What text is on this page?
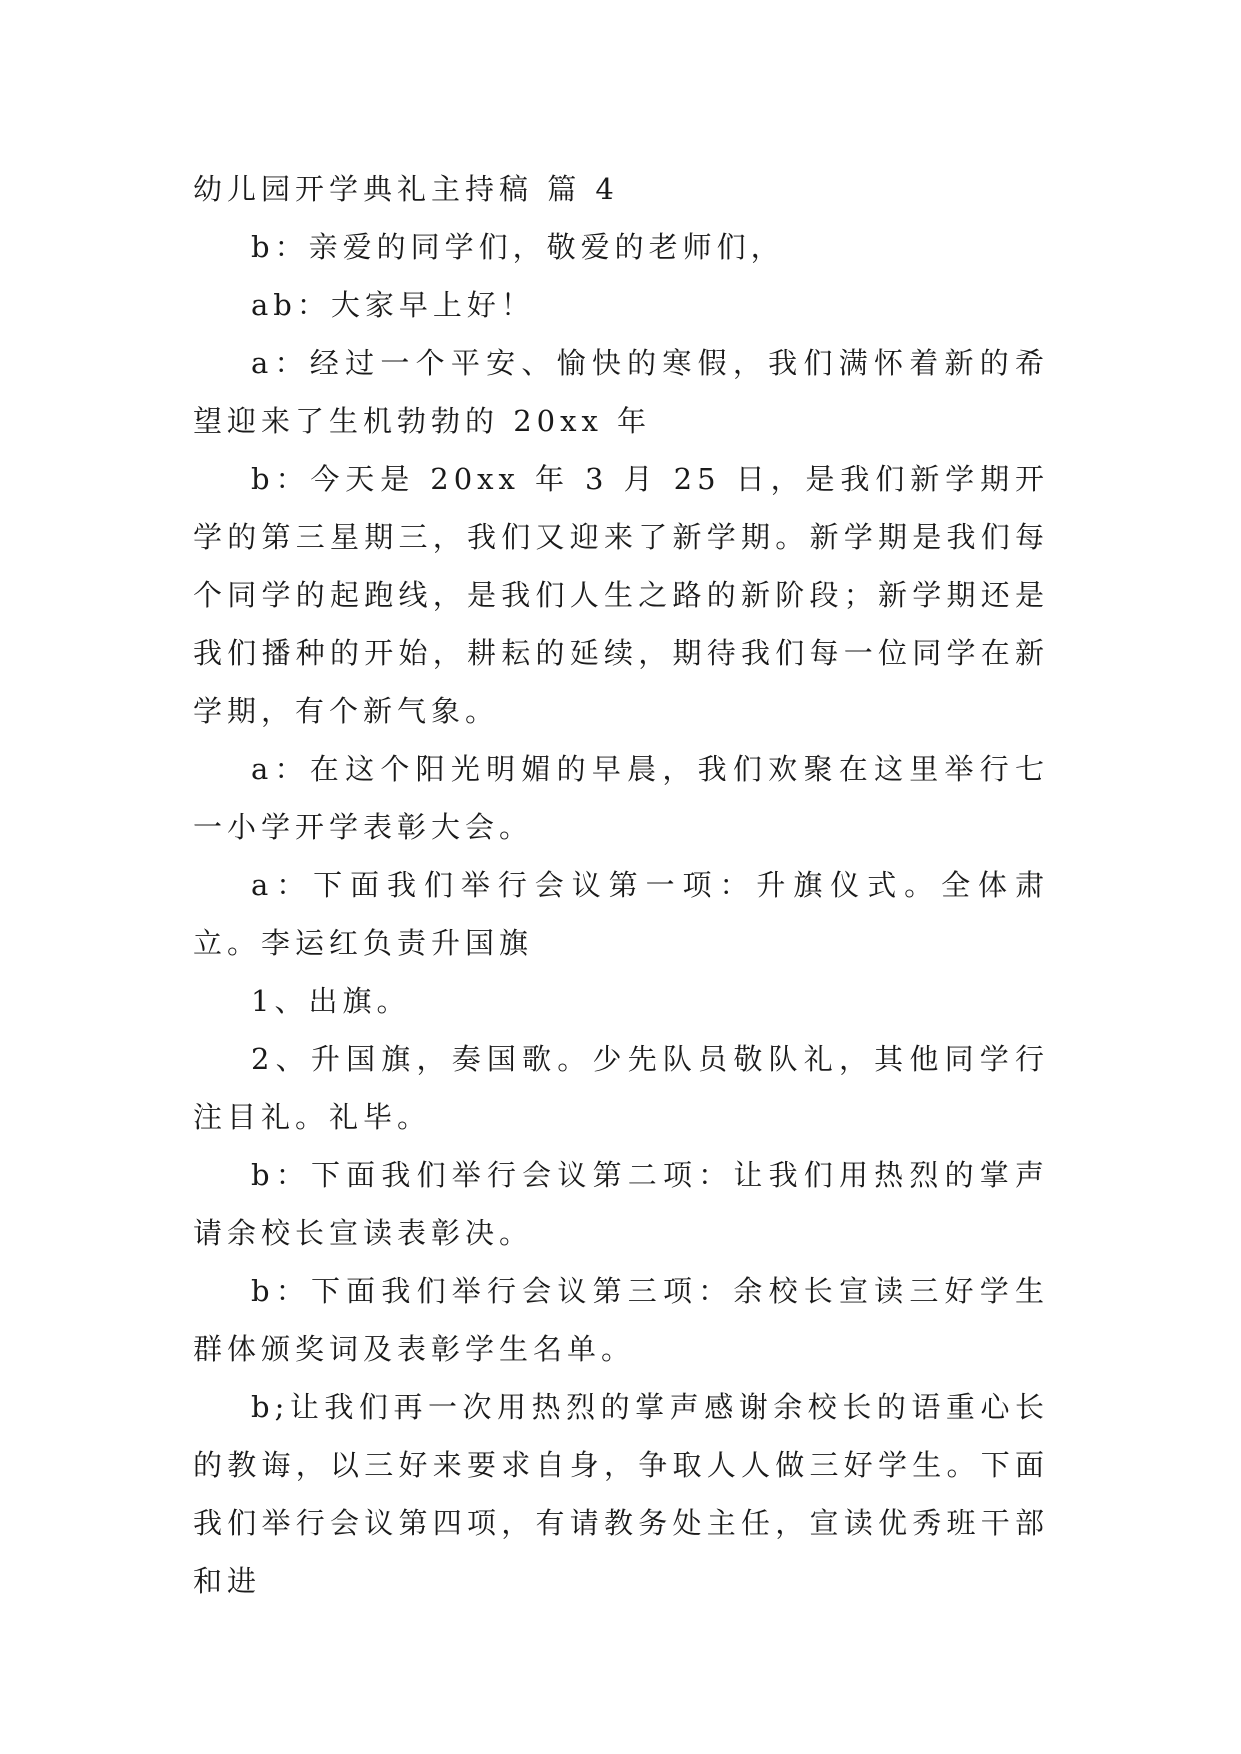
幼儿园开学典礼主持稿 篇 4

b：亲爱的同学们，敬爱的老师们，

ab：大家早上好！

a：经过一个平安、愉快的寒假，我们满怀着新的希望迎来了生机勃勃的 20xx 年

b：今天是 20xx 年 3 月 25 日，是我们新学期开学的第三星期三，我们又迎来了新学期。新学期是我们每个同学的起跑线，是我们人生之路的新阶段；新学期还是我们播种的开始，耕耘的延续，期待我们每一位同学在新学期，有个新气象。

a：在这个阳光明媚的早晨，我们欢聚在这里举行七一小学开学表彰大会。

a：下面我们举行会议第一项：升旗仪式。全体肃立。李运红负责升国旗

1、出旗。

2、升国旗，奏国歌。少先队员敬队礼，其他同学行注目礼。礼毕。

b：下面我们举行会议第二项：让我们用热烈的掌声请余校长宣读表彰决。

b：下面我们举行会议第三项：余校长宣读三好学生群体颁奖词及表彰学生名单。

b;让我们再一次用热烈的掌声感谢余校长的语重心长的教诲，以三好来要求自身，争取人人做三好学生。下面我们举行会议第四项，有请教务处主任，宣读优秀班干部和进
